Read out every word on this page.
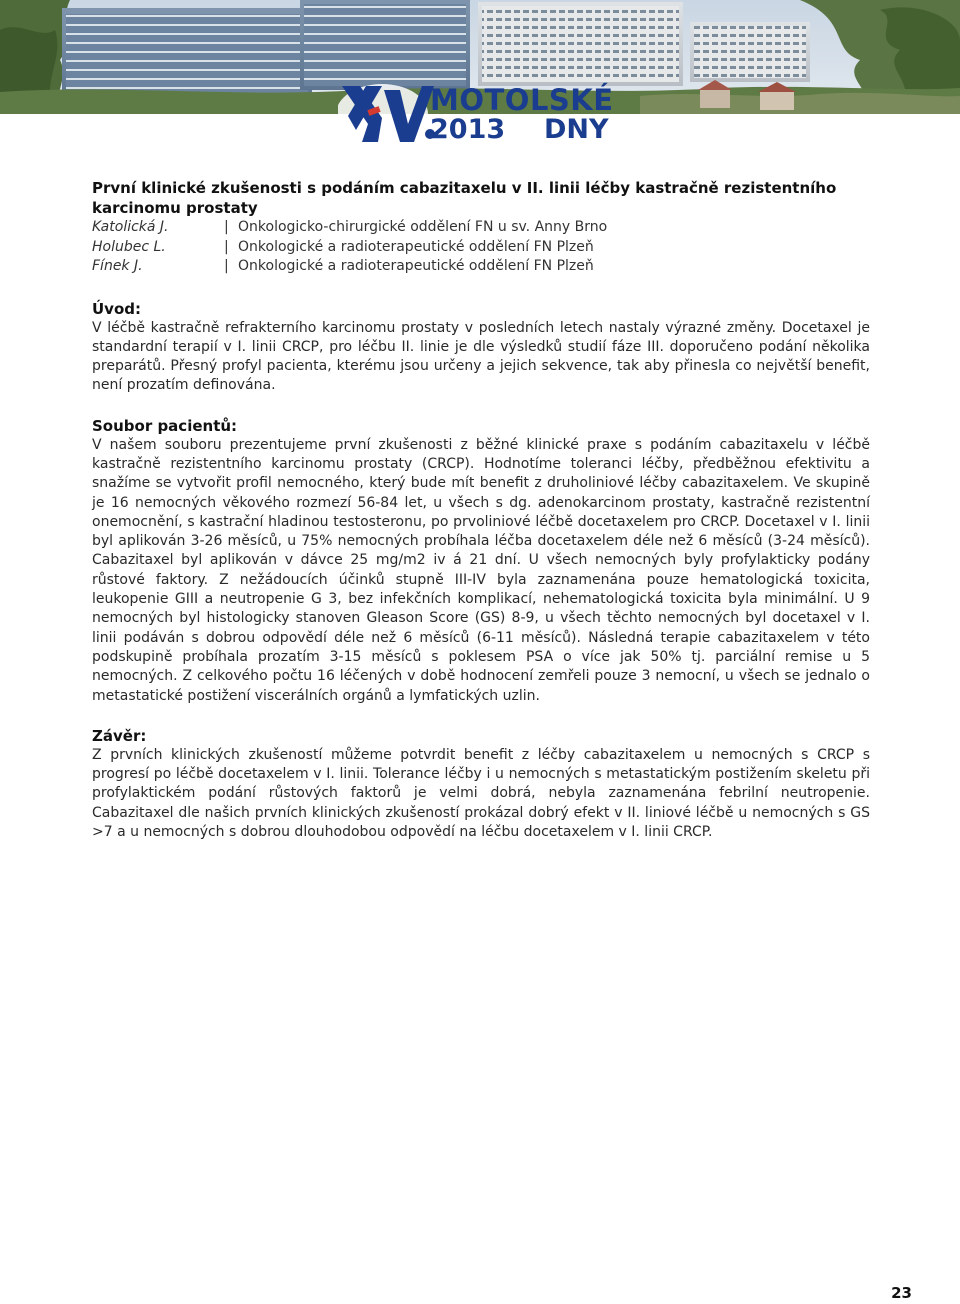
MOTOLSKÉ
2013 DNY
První klinické zkušenosti s podáním cabazitaxelu v II. linii léčby kastračně rezistentního karcinomu prostaty
Katolická J.	| Onkologicko-chirurgické oddělení FN u sv. Anny Brno
Holubec L.	| Onkologické a radioterapeutické oddělení FN Plzeň
Fínek J.	| Onkologické a radioterapeutické oddělení FN Plzeň
Úvod:

V léčbě kastračně refrakterního karcinomu prostaty v posledních letech nastaly výrazné změny. Docetaxel je standardní terapií v I. linii CRCP, pro léčbu II. linie je dle výsledků studií fáze III. doporučeno podání několika preparátů. Přesný profyl pacienta, kterému jsou určeny a jejich sekvence, tak aby přinesla co největší benefit, není prozatím definována.

Soubor pacientů:

V našem souboru prezentujeme první zkušenosti z běžné klinické praxe s podáním cabazitaxelu v léčbě kastračně rezistentního karcinomu prostaty (CRCP). Hodnotíme toleranci léčby, předběžnou efektivitu a snažíme se vytvořit profil nemocného, který bude mít benefit z druholiniové léčby cabazitaxelem. Ve skupině je 16 nemocných věkového rozmezí 56-84 let, u všech s dg. adenokarcinom prostaty, kastračně rezistentní onemocnění, s kastrační hladinou testosteronu, po prvoliniové léčbě docetaxelem pro CRCP. Docetaxel v I. linii byl aplikován 3-26 měsíců, u 75% nemocných probíhala léčba docetaxelem déle než 6 měsíců (3-24 měsíců). Cabazitaxel byl aplikován v dávce 25 mg/m2 iv á 21 dní. U všech nemocných byly profylakticky podány růstové faktory. Z nežádoucích účinků stupně III-IV byla zaznamenána pouze hematologická toxicita, leukopenie GIII a neutropenie G 3, bez infekčních komplikací, nehematologická toxicita byla minimální. U 9 nemocných byl histologicky stanoven Gleason Score (GS) 8-9, u všech těchto nemocných byl docetaxel v I. linii podáván s dobrou odpovědí déle než 6 měsíců (6-11 měsíců). Následná terapie cabazitaxelem v této podskupině probíhala prozatím 3-15 měsíců s poklesem PSA o více jak 50% tj. parciální remise u 5 nemocných. Z celkového počtu 16 léčených v době hodnocení zemřeli pouze 3 nemocní, u všech se jednalo o metastatické postižení viscerálních orgánů a lymfatických uzlin.

Závěr:

Z prvních klinických zkušeností můžeme potvrdit benefit z léčby cabazitaxelem u nemocných s CRCP s progresí po léčbě docetaxelem v I. linii. Tolerance léčby i u nemocných s metastatickým postižením skeletu při profylaktickém podání růstových faktorů je velmi dobrá, nebyla zaznamenána febrilní neutropenie. Cabazitaxel dle našich prvních klinických zkušeností prokázal dobrý efekt v II. liniové léčbě u nemocných s GS >7 a u nemocných s dobrou dlouhodobou odpovědí na léčbu docetaxelem v I. linii CRCP.

23
